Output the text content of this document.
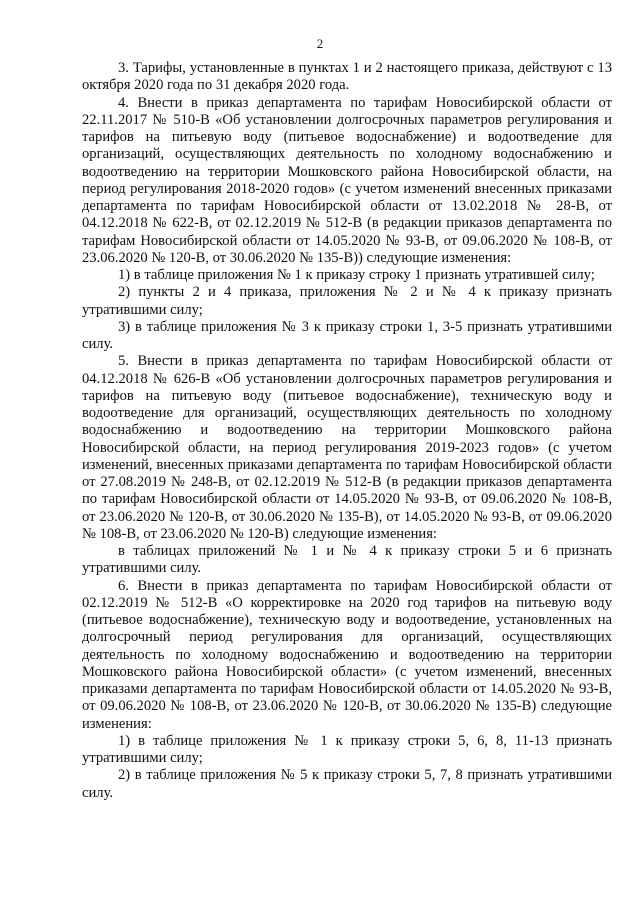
2

3. Тарифы, установленные в пунктах 1 и 2 настоящего приказа, действуют с 13 октября 2020 года по 31 декабря 2020 года.

4. Внести в приказ департамента по тарифам Новосибирской области от 22.11.2017 № 510-В «Об установлении долгосрочных параметров регулирования и тарифов на питьевую воду (питьевое водоснабжение) и водоотведение для организаций, осуществляющих деятельность по холодному водоснабжению и водоотведению на территории Мошковского района Новосибирской области, на период регулирования 2018-2020 годов» (с учетом изменений внесенных приказами департамента по тарифам Новосибирской области от 13.02.2018 № 28-В, от 04.12.2018 № 622-В, от 02.12.2019 № 512-В (в редакции приказов департамента по тарифам Новосибирской области от 14.05.2020 № 93-В, от 09.06.2020 № 108-В, от 23.06.2020 № 120-В, от 30.06.2020 № 135-В)) следующие изменения:

1) в таблице приложения № 1 к приказу строку 1 признать утратившей силу;

2) пункты 2 и 4 приказа, приложения № 2 и № 4 к приказу признать утратившими силу;

3) в таблице приложения № 3 к приказу строки 1, 3-5 признать утратившими силу.

5. Внести в приказ департамента по тарифам Новосибирской области от 04.12.2018 № 626-В «Об установлении долгосрочных параметров регулирования и тарифов на питьевую воду (питьевое водоснабжение), техническую воду и водоотведение для организаций, осуществляющих деятельность по холодному водоснабжению и водоотведению на территории Мошковского района Новосибирской области, на период регулирования 2019-2023 годов» (с учетом изменений, внесенных приказами департамента по тарифам Новосибирской области от 27.08.2019 № 248-В, от 02.12.2019 № 512-В (в редакции приказов департамента по тарифам Новосибирской области от 14.05.2020 № 93-В, от 09.06.2020 № 108-В, от 23.06.2020 № 120-В, от 30.06.2020 № 135-В), от 14.05.2020 № 93-В, от 09.06.2020 № 108-В, от 23.06.2020 № 120-В) следующие изменения:

в таблицах приложений № 1 и № 4 к приказу строки 5 и 6 признать утратившими силу.

6. Внести в приказ департамента по тарифам Новосибирской области от 02.12.2019 № 512-В «О корректировке на 2020 год тарифов на питьевую воду (питьевое водоснабжение), техническую воду и водоотведение, установленных на долгосрочный период регулирования для организаций, осуществляющих деятельность по холодному водоснабжению и водоотведению на территории Мошковского района Новосибирской области» (с учетом изменений, внесенных приказами департамента по тарифам Новосибирской области от 14.05.2020 № 93-В, от 09.06.2020 № 108-В, от 23.06.2020 № 120-В, от 30.06.2020 № 135-В) следующие изменения:

1) в таблице приложения № 1 к приказу строки 5, 6, 8, 11-13 признать утратившими силу;

2) в таблице приложения № 5 к приказу строки 5, 7, 8 признать утратившими силу.
